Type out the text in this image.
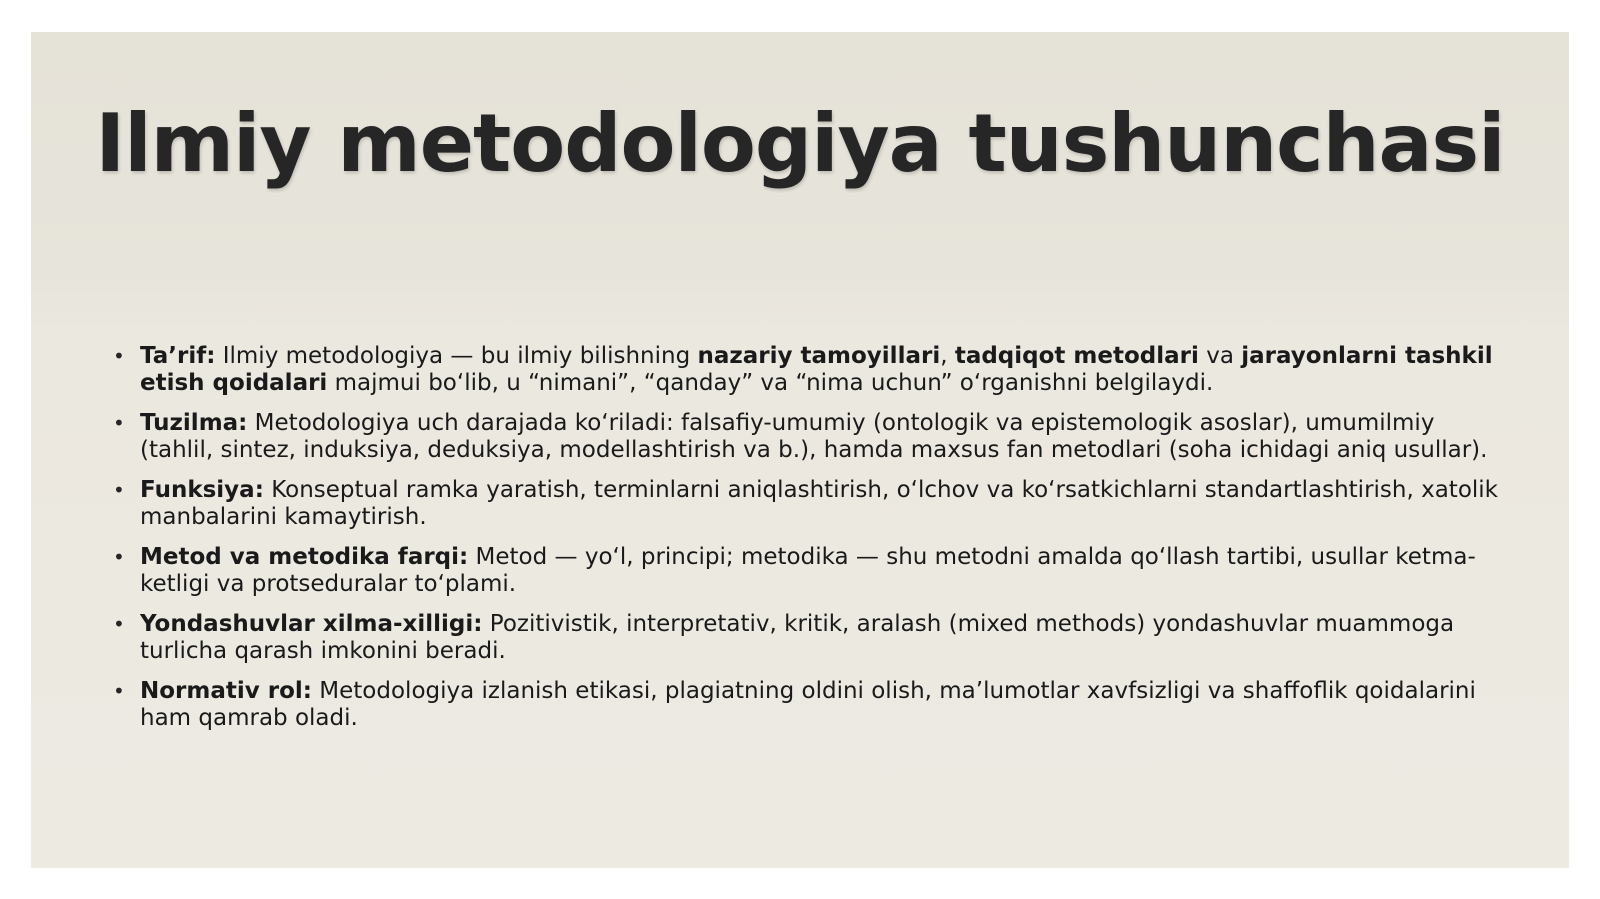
Ilmiy metodologiya tushunchasi
• Ta’rif: Ilmiy metodologiya — bu ilmiy bilishning nazariy tamoyillari, tadqiqot metodlari va jarayonlarni tashkil etish qoidalari majmui bo‘lib, u “nimani”, “qanday” va “nima uchun” o‘rganishni belgilaydi.
• Tuzilma: Metodologiya uch darajada ko‘riladi: falsafiy-umumiy (ontologik va epistemologik asoslar), umumilmiy (tahlil, sintez, induksiya, deduksiya, modellashtirish va b.), hamda maxsus fan metodlari (soha ichidagi aniq usullar).
• Funksiya: Konseptual ramka yaratish, terminlarni aniqlashtirish, o‘lchov va ko‘rsatkichlarni standartlashtirish, xatolik manbalarini kamaytirish.
• Metod va metodika farqi: Metod — yo‘l, principi; metodika — shu metodni amalda qo‘llash tartibi, usullar ketma-ketligi va protseduralar to‘plami.
• Yondashuvlar xilma-xilligi: Pozitivistik, interpretativ, kritik, aralash (mixed methods) yondashuvlar muammoga turlicha qarash imkonini beradi.
• Normativ rol: Metodologiya izlanish etikasi, plagiatning oldini olish, ma’lumotlar xavfsizligi va shaffoflik qoidalarini ham qamrab oladi.
